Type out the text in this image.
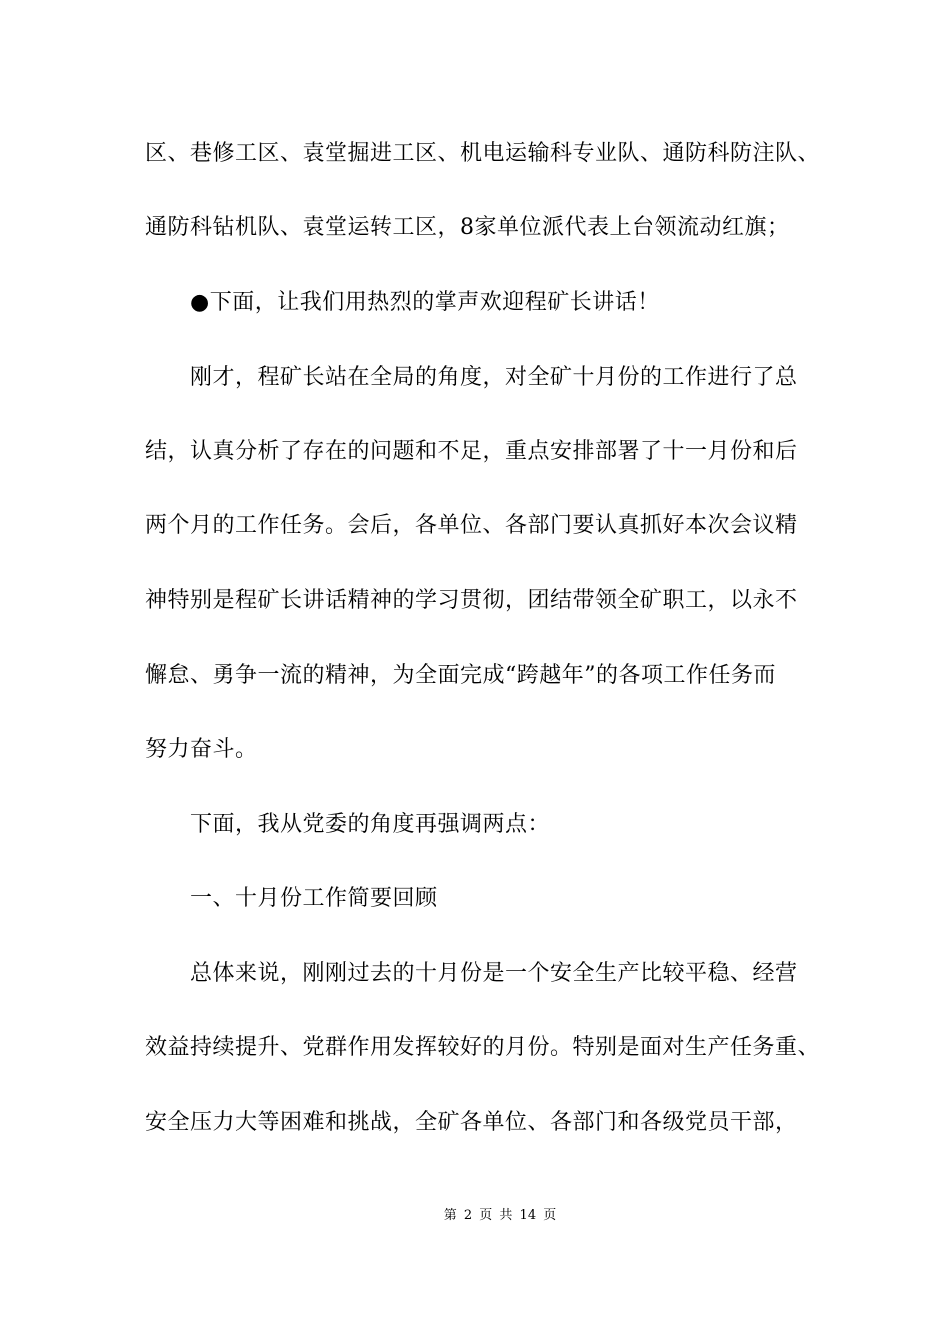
区、巷修工区、袁堂掘进工区、机电运输科专业队、通防科防注队、
通防科钻机队、袁堂运转工区，8家单位派代表上台领流动红旗；
●下面，让我们用热烈的掌声欢迎程矿长讲话！
刚才，程矿长站在全局的角度，对全矿十月份的工作进行了总
结，认真分析了存在的问题和不足，重点安排部署了十一月份和后
两个月的工作任务。会后，各单位、各部门要认真抓好本次会议精
神特别是程矿长讲话精神的学习贯彻，团结带领全矿职工，以永不
懈怠、勇争一流的精神，为全面完成“跨越年”的各项工作任务而
努力奋斗。
下面，我从党委的角度再强调两点：
一、十月份工作简要回顾
总体来说，刚刚过去的十月份是一个安全生产比较平稳、经营
效益持续提升、党群作用发挥较好的月份。特别是面对生产任务重、
安全压力大等困难和挑战，全矿各单位、各部门和各级党员干部，
第 2 页 共 14 页
